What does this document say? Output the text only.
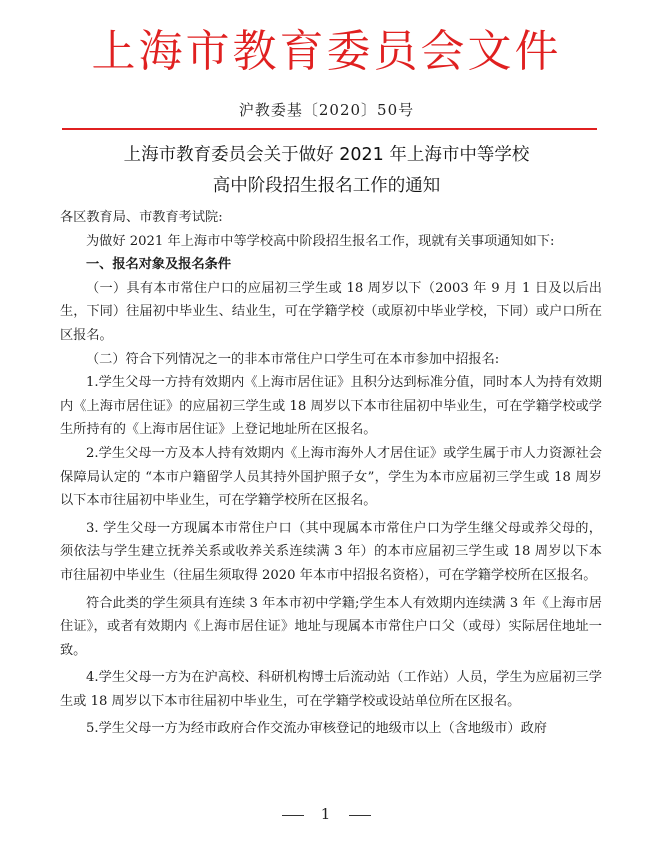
上海市教育委员会文件
沪教委基〔2020〕50号
上海市教育委员会关于做好 2021 年上海市中等学校
高中阶段招生报名工作的通知

各区教育局、市教育考试院:

为做好 2021 年上海市中等学校高中阶段招生报名工作，现就有关事项通知如下:

一、报名对象及报名条件

（一）具有本市常住户口的应届初三学生或 18 周岁以下（2003 年 9 月 1 日及以后出生，下同）往届初中毕业生、结业生，可在学籍学校（或原初中毕业学校，下同）或户口所在区报名。

（二）符合下列情况之一的非本市常住户口学生可在本市参加中招报名:

1.学生父母一方持有效期内《上海市居住证》且积分达到标准分值，同时本人为持有效期内《上海市居住证》的应届初三学生或 18 周岁以下本市往届初中毕业生，可在学籍学校或学生所持有的《上海市居住证》上登记地址所在区报名。

2.学生父母一方及本人持有效期内《上海市海外人才居住证》或学生属于市人力资源社会保障局认定的 “本市户籍留学人员其持外国护照子女”，学生为本市应届初三学生或 18 周岁以下本市往届初中毕业生，可在学籍学校所在区报名。

3. 学生父母一方现属本市常住户口（其中现属本市常住户口为学生继父母或养父母的，须依法与学生建立抚养关系或收养关系连续满 3 年）的本市应届初三学生或 18 周岁以下本市往届初中毕业生（往届生须取得 2020 年本市中招报名资格），可在学籍学校所在区报名。

符合此类的学生须具有连续 3 年本市初中学籍;学生本人有效期内连续满 3 年《上海市居住证》，或者有效期内《上海市居住证》地址与现属本市常住户口父（或母）实际居住地址一致。

4.学生父母一方为在沪高校、科研机构博士后流动站（工作站）人员，学生为应届初三学生或 18 周岁以下本市往届初中毕业生，可在学籍学校或设站单位所在区报名。

5.学生父母一方为经市政府合作交流办审核登记的地级市以上（含地级市）政府

1
